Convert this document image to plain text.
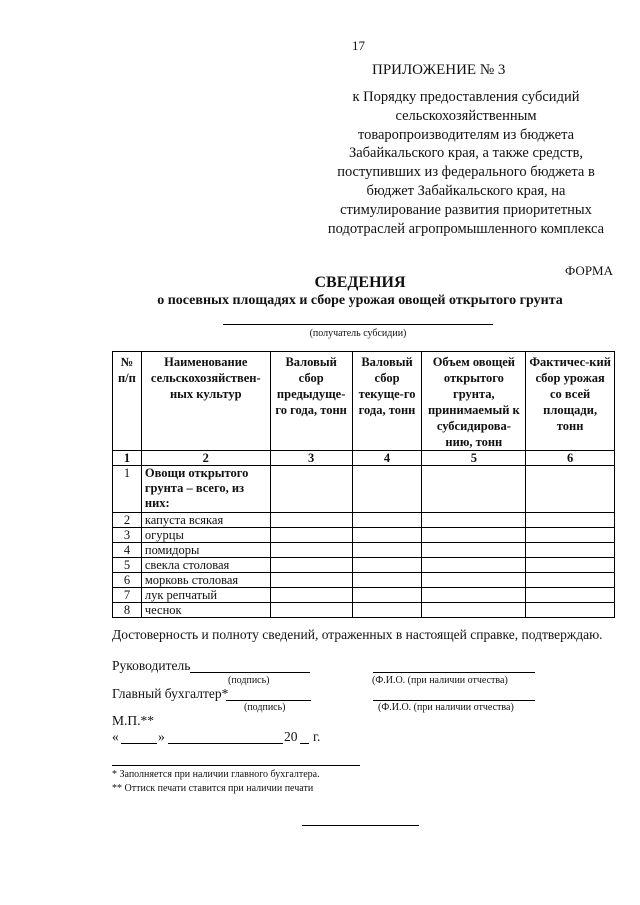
17
ПРИЛОЖЕНИЕ № 3
к Порядку предоставления субсидий
сельскохозяйственным
товаропроизводителям из бюджета
Забайкальского края, а также средств,
поступивших из федерального бюджета в
бюджет Забайкальского края, на
стимулирование развития приоритетных
подотраслей агропромышленного комплекса
ФОРМА
СВЕДЕНИЯ
о посевных площадях и сборе урожая овощей открытого грунта
(получатель субсидии)
№ п/п	Наименование сельскохозяйствен-ных культур	Валовый сбор предыдуще-го года, тонн	Валовый сбор текуще-го года, тонн	Объем овощей открытого грунта, принимаемый к субсидирова-нию, тонн	Фактичес-кий сбор урожая со всей площади, тонн
1	2	3	4	5	6
1	Овощи открытого грунта – всего, из них:				
2	капуста всякая				
3	огурцы				
4	помидоры				
5	свекла столовая				
6	морковь столовая				
7	лук репчатый				
8	чеснок				
Достоверность и полноту сведений, отраженных в настоящей справке, подтверждаю.
Руководитель
(подпись)	(Ф.И.О. (при наличии отчества)
Главный бухгалтер*
(подпись)	(Ф.И.О. (при наличии отчества)
М.П.**
«	»	20 г.
* Заполняется при наличии главного бухгалтера.
** Оттиск печати ставится при наличии печати
